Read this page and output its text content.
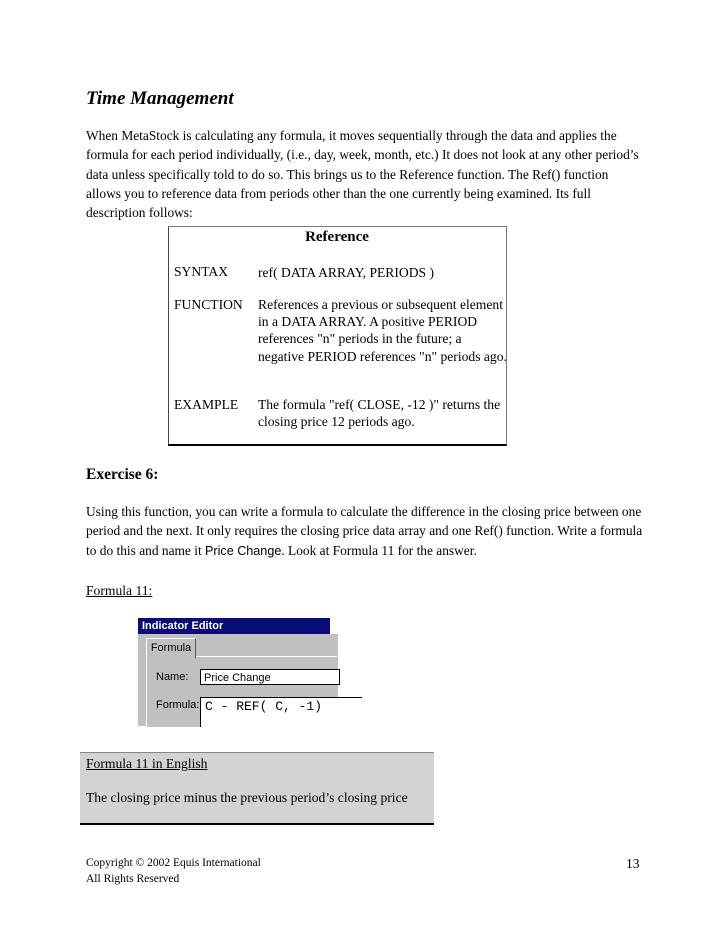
Time Management
When MetaStock is calculating any formula, it moves sequentially through the data and applies the formula for each period individually, (i.e., day, week, month, etc.) It does not look at any other period’s data unless specifically told to do so. This brings us to the Reference function. The Ref() function allows you to reference data from periods other than the one currently being examined. Its full description follows:
Reference
SYNTAX ref( DATA ARRAY, PERIODS )
FUNCTION References a previous or subsequent element in a DATA ARRAY. A positive PERIOD references "n" periods in the future; a negative PERIOD references "n" periods ago.
EXAMPLE The formula "ref( CLOSE, -12 )" returns the closing price 12 periods ago.
Exercise 6:
Using this function, you can write a formula to calculate the difference in the closing price between one period and the next. It only requires the closing price data array and one Ref() function. Write a formula to do this and name it Price Change. Look at Formula 11 for the answer.
Formula 11:
Indicator Editor
Formula
Name:	Price Change
Formula: C - REF( C, -1)
Formula 11 in English
The closing price minus the previous period’s closing price
Copyright © 2002 Equis International
All Rights Reserved
13
